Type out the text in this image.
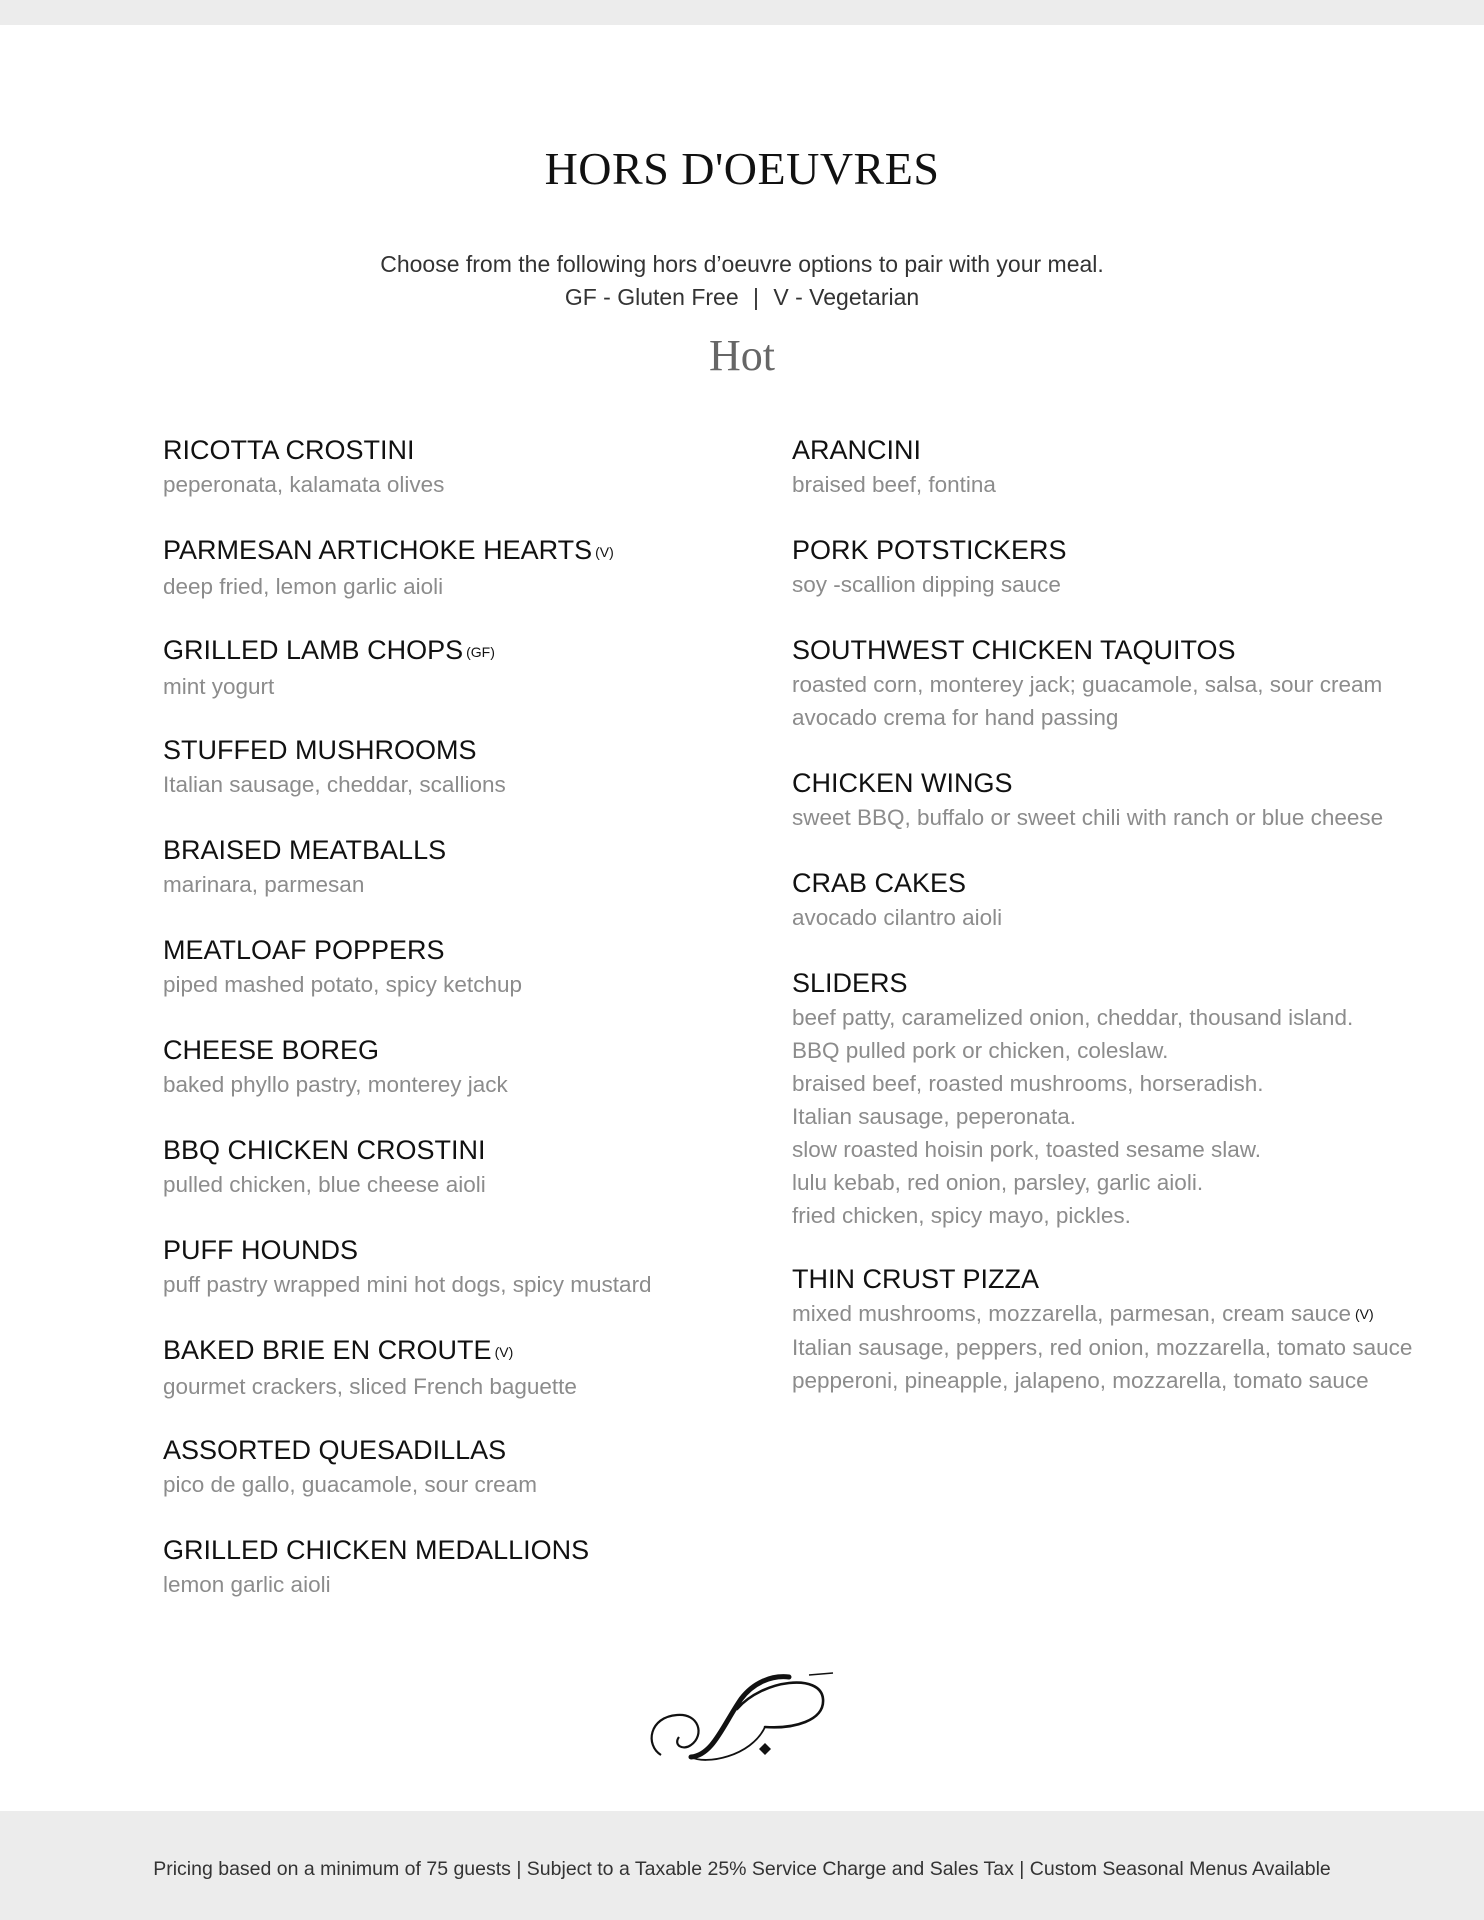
HORS D'OEUVRES
Choose from the following hors d’oeuvre options to pair with your meal.
GF - Gluten Free | V - Vegetarian
Hot
RICOTTA CROSTINI
peperonata, kalamata olives
PARMESAN ARTICHOKE HEARTS (V)
deep fried, lemon garlic aioli
GRILLED LAMB CHOPS (GF)
mint yogurt
STUFFED MUSHROOMS
Italian sausage, cheddar, scallions
BRAISED MEATBALLS
marinara, parmesan
MEATLOAF POPPERS
piped mashed potato, spicy ketchup
CHEESE BOREG
baked phyllo pastry, monterey jack
BBQ CHICKEN CROSTINI
pulled chicken, blue cheese aioli
PUFF HOUNDS
puff pastry wrapped mini hot dogs, spicy mustard
BAKED BRIE EN CROUTE (V)
gourmet crackers, sliced French baguette
ASSORTED QUESADILLAS
pico de gallo, guacamole, sour cream
GRILLED CHICKEN MEDALLIONS
lemon garlic aioli
ARANCINI
braised beef, fontina
PORK POTSTICKERS
soy -scallion dipping sauce
SOUTHWEST CHICKEN TAQUITOS
roasted corn, monterey jack; guacamole, salsa, sour cream
avocado crema for hand passing
CHICKEN WINGS
sweet BBQ, buffalo or sweet chili with ranch or blue cheese
CRAB CAKES
avocado cilantro aioli
SLIDERS
beef patty, caramelized onion, cheddar, thousand island.
BBQ pulled pork or chicken, coleslaw.
braised beef, roasted mushrooms, horseradish.
Italian sausage, peperonata.
slow roasted hoisin pork, toasted sesame slaw.
lulu kebab, red onion, parsley, garlic aioli.
fried chicken, spicy mayo, pickles.
THIN CRUST PIZZA
mixed mushrooms, mozzarella, parmesan, cream sauce (V)
Italian sausage, peppers, red onion, mozzarella, tomato sauce
pepperoni, pineapple, jalapeno, mozzarella, tomato sauce
Pricing based on a minimum of 75 guests | Subject to a Taxable 25% Service Charge and Sales Tax | Custom Seasonal Menus Available
